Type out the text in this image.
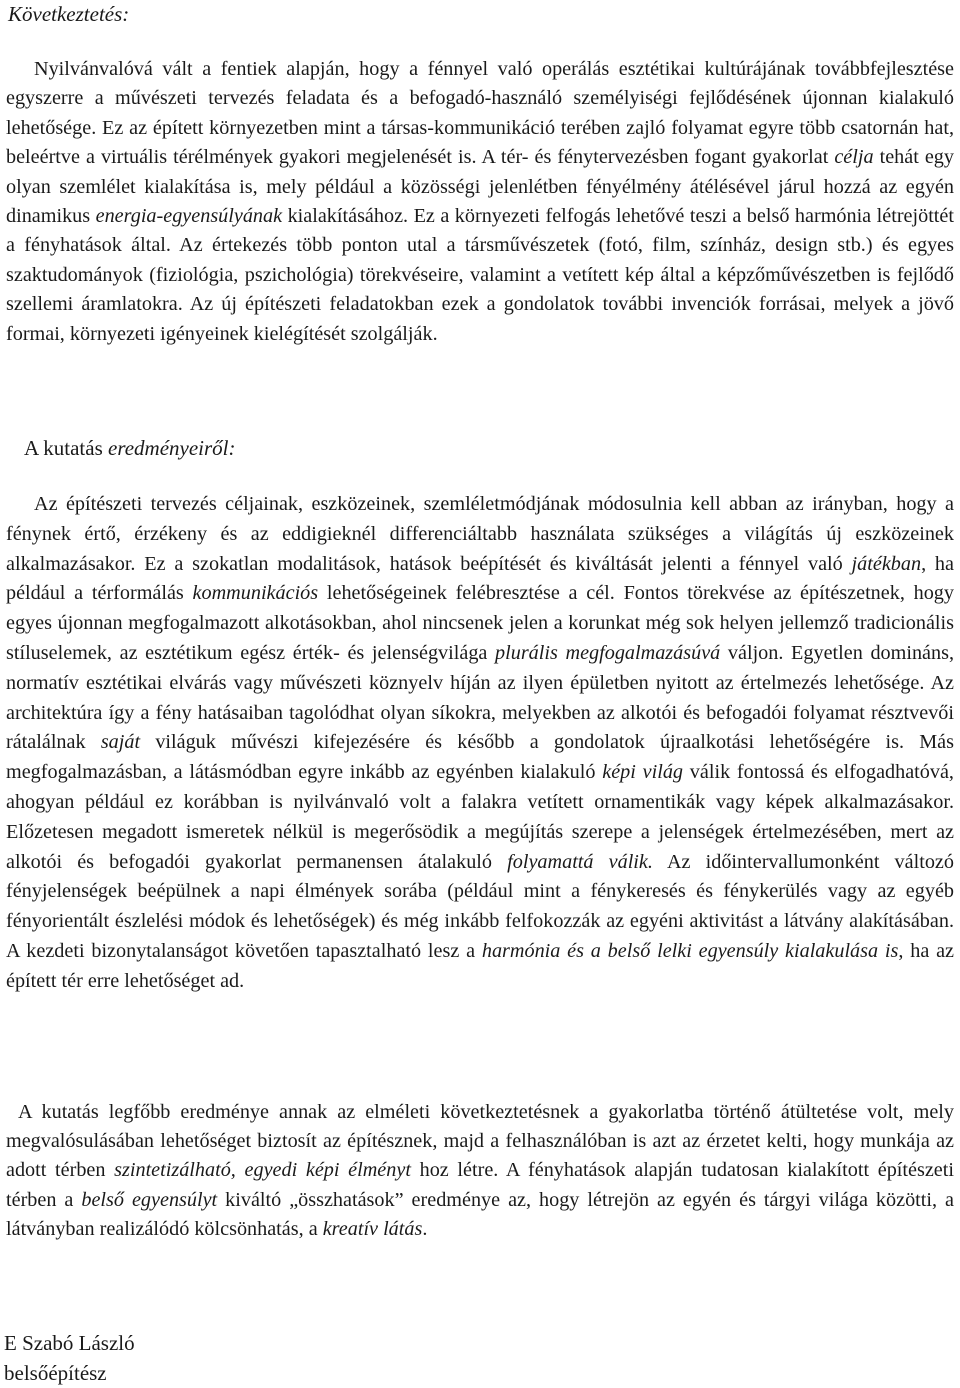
Következtetés:

Nyilvánvalóvá vált a fentiek alapján, hogy a fénnyel való operálás esztétikai kultúrájának továbbfejlesztése egyszerre a művészeti tervezés feladata és a befogadó-használó személyiségi fejlődésének újonnan kialakuló lehetősége. Ez az épített környezetben mint a társas-kommunikáció terében zajló folyamat egyre több csatornán hat, beleértve a virtuális térélmények gyakori megjelenését is. A tér- és fénytervezésben fogant gyakorlat célja tehát egy olyan szemlélet kialakítása is, mely például a közösségi jelenlétben fényélmény átélésével járul hozzá az egyén dinamikus energia-egyensúlyának kialakításához. Ez a környezeti felfogás lehetővé teszi a belső harmónia létrejöttét a fényhatások által. Az értekezés több ponton utal a társművészetek (fotó, film, színház, design stb.) és egyes szaktudományok (fiziológia, pszichológia) törekvéseire, valamint a vetített kép által a képzőművészetben is fejlődő szellemi áramlatokra. Az új építészeti feladatokban ezek a gondolatok további invenciók forrásai, melyek a jövő formai, környezeti igényeinek kielégítését szolgálják.

A kutatás eredményeiről:

Az építészeti tervezés céljainak, eszközeinek, szemléletmódjának módosulnia kell abban az irányban, hogy a fénynek értő, érzékeny és az eddigieknél differenciáltabb használata szükséges a világítás új eszközeinek alkalmazásakor. Ez a szokatlan modalitások, hatások beépítését és kiváltását jelenti a fénnyel való játékban, ha például a térformálás kommunikációs lehetőségeinek felébresztése a cél. Fontos törekvése az építészetnek, hogy egyes újonnan megfogalmazott alkotásokban, ahol nincsenek jelen a korunkat még sok helyen jellemző tradicionális stíluselemek, az esztétikum egész érték- és jelenségvilága plurális megfogalmazásúvá váljon. Egyetlen domináns, normatív esztétikai elvárás vagy művészeti köznyelv híján az ilyen épületben nyitott az értelmezés lehetősége. Az architektúra így a fény hatásaiban tagolódhat olyan síkokra, melyekben az alkotói és befogadói folyamat résztvevői rátalálnak saját világuk művészi kifejezésére és később a gondolatok újraalkotási lehetőségére is. Más megfogalmazásban, a látásmódban egyre inkább az egyénben kialakuló képi világ válik fontossá és elfogadhatóvá, ahogyan például ez korábban is nyilvánvaló volt a falakra vetített ornamentikák vagy képek alkalmazásakor. Előzetesen megadott ismeretek nélkül is megerősödik a megújítás szerepe a jelenségek értelmezésében, mert az alkotói és befogadói gyakorlat permanensen átalakuló folyamattá válik. Az időintervallumonként változó fényjelenségek beépülnek a napi élmények sorába (például mint a fénykeresés és fénykerülés vagy az egyéb fényorientált észlelési módok és lehetőségek) és még inkább felfokozzák az egyéni aktivitást a látvány alakításában. A kezdeti bizonytalanságot követően tapasztalható lesz a harmónia és a belső lelki egyensúly kialakulása is, ha az épített tér erre lehetőséget ad.

A kutatás legfőbb eredménye annak az elméleti következtetésnek a gyakorlatba történő átültetése volt, mely megvalósulásában lehetőséget biztosít az építésznek, majd a felhasználóban is azt az érzetet kelti, hogy munkája az adott térben szintetizálható, egyedi képi élményt hoz létre. A fényhatások alapján tudatosan kialakított építészeti térben a belső egyensúlyt kiváltó „összhatások” eredménye az, hogy létrejön az egyén és tárgyi világa közötti, a látványban realizálódó kölcsönhatás, a kreatív látás.

E Szabó László
belsőépítész
